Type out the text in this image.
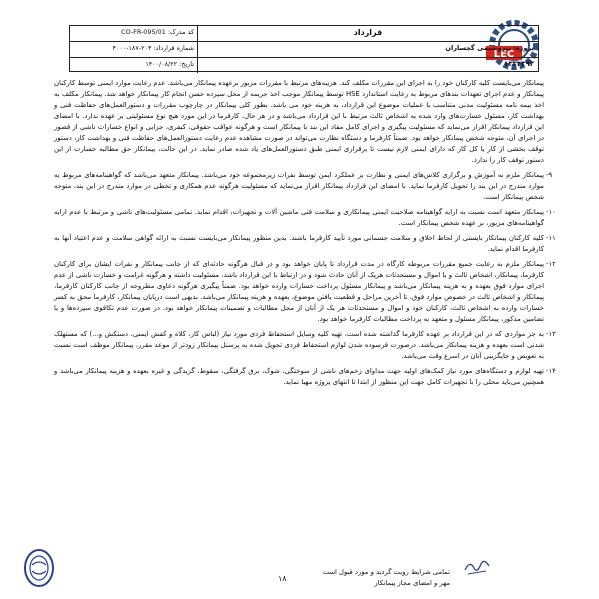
LEC
کد مدرک: CO-FR-095/01	قرارداد
شماره قرارداد: ۲۰۳-۱۸۷-۴۰۰۰	پروژه: پتروشیمی گچساران
تاریخ: ۱۴۰۰/۰۸/۲۲	۱۳۳۴۳۹۲

پیمانکار می‌بایست کلیه کارکنان خود را به اجرای این مقررات مکلف کند. هزینه‌های مرتبط با مقررات مزبور برعهده پیمانکار می‌باشد. عدم رعایت موارد ایمنی توسط کارکنان پیمانکار و عدم اجرای تعهدات بندهای مربوط به رعایت استاندارد HSE توسط پیمانکار موجب اخذ جریمه از محل سپرده حسن انجام کار پیمانکار خواهد شد. پیمانکار مکلف به اخذ بیمه نامه مسئولیت مدنی متناسب با عملیات موضوع این قرارداد، به هزینه خود می باشد. بطور کلی پیمانکار در چارچوب مقررات و دستورالعمل‌های حفاظت فنی و بهداشت کار، مسئول خسارت‌های وارد شده به اشخاص ثالث مرتبط با این قرارداد می‌باشد و در هر حال، کارفرما در این مورد هیچ نوع مسئولیتی بر عهده ندارد. با امضای این قرارداد پیمانکار اقرار می‌نماید که مسئولیت پیگیری و اجرای کامل مفاد این بند با پیمانکار است و هرگونه عواقب حقوقی، کیفری، جزایی و انواع خسارات ناشی از قصور در اجرای آن، متوجه شخص پیمانکار خواهد بود. ضمناً کارفرما و دستگاه نظارت می‌تواند در صورت مشاهده عدم رعایت دستورالعمل‌های حفاظت فنی و بهداشت کار، دستور توقف بخشی از کار یا کل کار که دارای ایمنی لازم نیست تا برقراری ایمنی طبق دستورالعمل‌های یاد شده صادر نماید. در این حالت، پیمانکار حق مطالبه خسارت از این دستور توقف کار را ندارد.

-۹

پیمانکار ملزم به آموزش و برگزاری کلاس‌های ایمنی و نظارت بر عملکرد ایمن توسط نفرات زیرمجموعه خود می‌باشد. پیمانکار متعهد می‌باشد که گواهینامه‌های مربوط به موارد مندرج در این بند را تحویل کارفرما نماید. با امضای این قرارداد پیمانکار اقرار می‌نماید که مسئولیت هرگونه عدم همکاری و تخطی در موارد مندرج در این بند، متوجه شخص پیمانکار است.

-۱۰

پیمانکار متعهد است نسبت به ارایه گواهینامه صلاحیت ایمنی پیمانکاری و سلامت فنی ماشین آلات و تجهیزات، اقدام نماید. تمامی مسئولیت‌های ناشی و مرتبط با عدم ارایه گواهینامه‌های مزبور، بر عهده شخص پیمانکار است.

-۱۱

کلیه کارکنان پیمانکار بایستی از لحاظ اخلاق و سلامت جسمانی مورد تأیید کارفرما باشند. بدین منظور پیمانکار می‌بایست نسبت به ارائه گواهی سلامت و عدم اعتیاد آنها به کارفرما اقدام نماید.

-۱۲

پیمانکار ملزم به رعایت جمیع مقررات مربوطه کارگاه در مدت قرارداد تا پایان خواهد بود و در قبال هرگونه حادثه‌ای که از جانب پیمانکار و نفرات ایشان برای کارکنان کارفرما، پیمانکار، اشخاص ثالث و یا اموال و مستحدثات هریک از آنان حادث شود و در ارتباط با این قرارداد باشد، مسئولیت داشته و هرگونه غرامت و خسارت ناشی از عدم اجرای موارد فوق بعهده و به هزینه پیمانکار می‌باشد و پیمانکار مسئول پرداخت خسارات وارده خواهد بود. ضمناً پیگیری هرگونه دعاوی مطروحه از جانب کارکنان کارفرما، پیمانکار و اشخاص ثالث در خصوص موارد فوق، تا آخرین مراحل و قطعیت یافتن موضوع، بعهده و هزینه پیمانکار می‌باشد. بدیهی است درپایان پیمانکار، کارفرما محق به کسر خسارات وارده به اشخاص ثالث، کارکنان خود و اموال و مستحدثات هر یک از آنان از محل مطالبات و تضمینات پیمانکار خواهد بود. در صورت عدم تکافوی سپرده‌ها و یا تضامین مذکور، پیمانکار مسئول و متعهد به پرداخت مطالبات کارفرما خواهد بود.

-۱۳

به جز مواردی که در این قرارداد بر عهده کارفرما گذاشته شده است، تهیه کلیه وسایل استحفاظ فردی مورد نیاز (لباس کار، کلاه و کفش ایمنی، دستکش و...) که مستهلک شدنی است بعهده و هزینه پیمانکار می‌باشد. درصورت فرسوده شدن لوازم استحفاظ فردی تحویل شده به پرسنل پیمانکار زودتر از موعد مقرر، پیمانکار موظف است نسبت به تعویض و جایگزینی آنان در اسرع وقت می‌باشد.

-۱۴

تهیه لوازم و دستگاه‌های مورد نیاز کمک‌های اولیه جهت مداوای زخم‌های ناشی از سوختگی، شوک، برق گرفتگی، سقوط، گزیدگی و غیره بعهده و هزینه پیمانکار می‌باشد و همچنین می‌باید محلی را با تجهیزات کامل جهت این منظور از ابتدا تا انتهای پروژه مهیا نماید.

۱۸
تمامی شرایط رویت گردید و مورد قبول است
مهر و امضای مجاز پیمانکار
